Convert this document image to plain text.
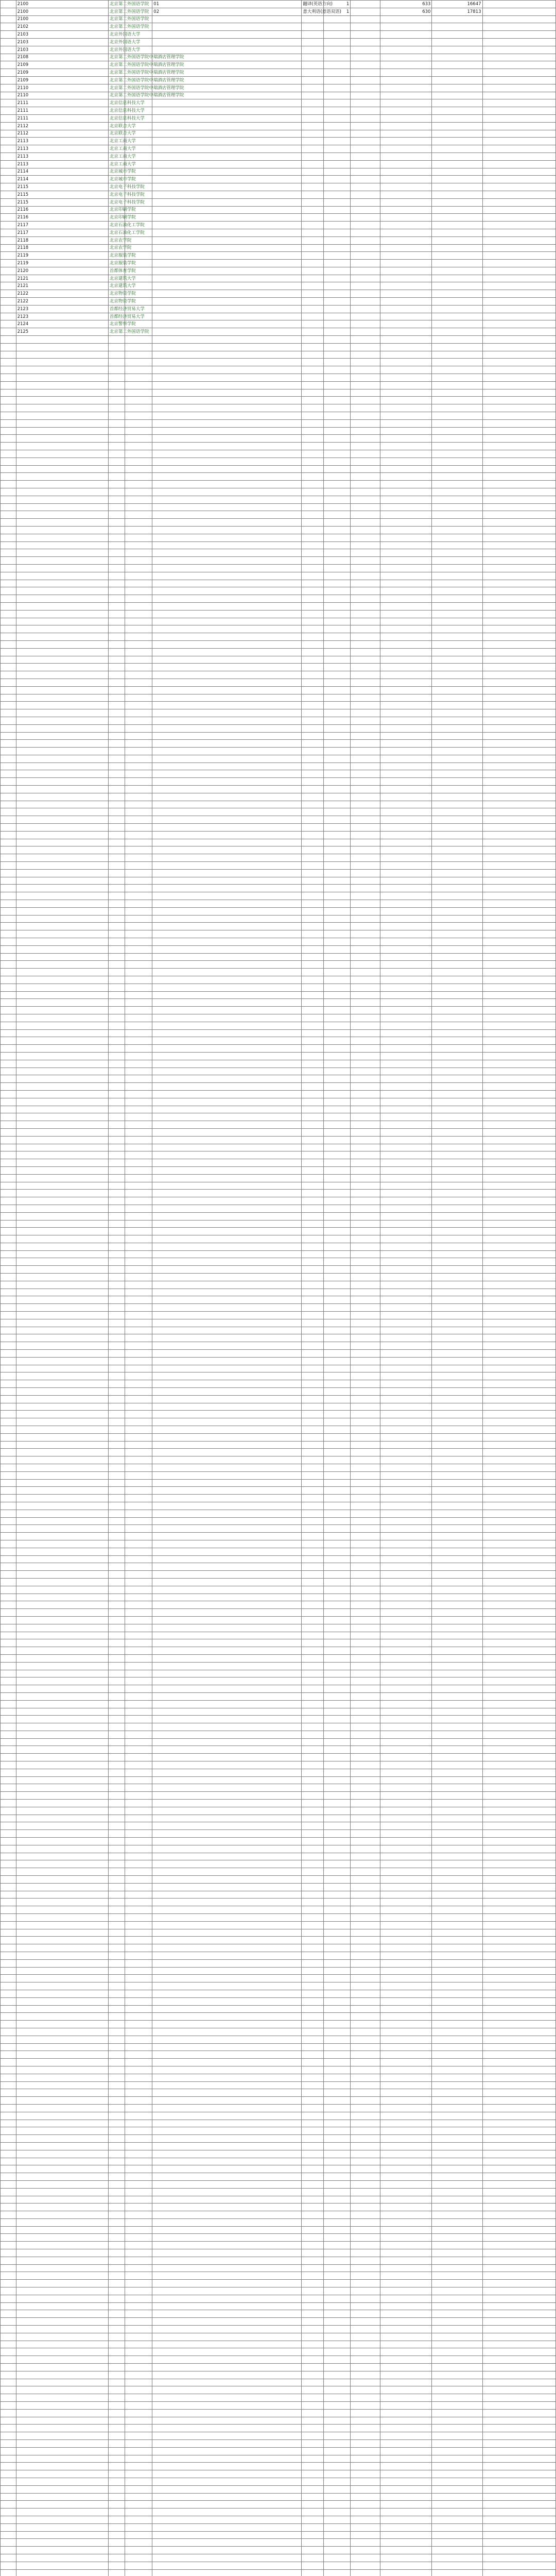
	2100	北京第二外国语学院		01	翻译(英语方向)	1		633	16647	
	2100	北京第二外国语学院		02	意大利语(意语双语)	1		630	17813	
	2100	北京第二外国语学院								
	2102	北京第二外国语学院								
	2103	北京外国语大学								
	2103	北京外国语大学								
	2103	北京外国语大学								
	2108	北京第二外国语学院中瑞酒店管理学院								
	2109	北京第二外国语学院中瑞酒店管理学院								
	2109	北京第二外国语学院中瑞酒店管理学院								
	2109	北京第二外国语学院中瑞酒店管理学院								
	2110	北京第二外国语学院中瑞酒店管理学院								
	2110	北京第二外国语学院中瑞酒店管理学院								
	2111	北京信息科技大学								
	2111	北京信息科技大学								
	2111	北京信息科技大学								
	2112	北京联合大学								
	2112	北京联合大学								
	2113	北京工商大学								
	2113	北京工商大学								
	2113	北京工商大学								
	2113	北京工商大学								
	2114	北京城市学院								
	2114	北京城市学院								
	2115	北京电子科技学院								
	2115	北京电子科技学院								
	2115	北京电子科技学院								
	2116	北京印刷学院								
	2116	北京印刷学院								
	2117	北京石油化工学院								
	2117	北京石油化工学院								
	2118	北京农学院								
	2118	北京农学院								
	2119	北京服装学院								
	2119	北京服装学院								
	2120	首都体育学院								
	2121	北京建筑大学								
	2121	北京建筑大学								
	2122	北京物资学院								
	2122	北京物资学院								
	2123	首都经济贸易大学								
	2123	首都经济贸易大学								
	2124	北京警察学院								
	2125	北京第二外国语学院								
